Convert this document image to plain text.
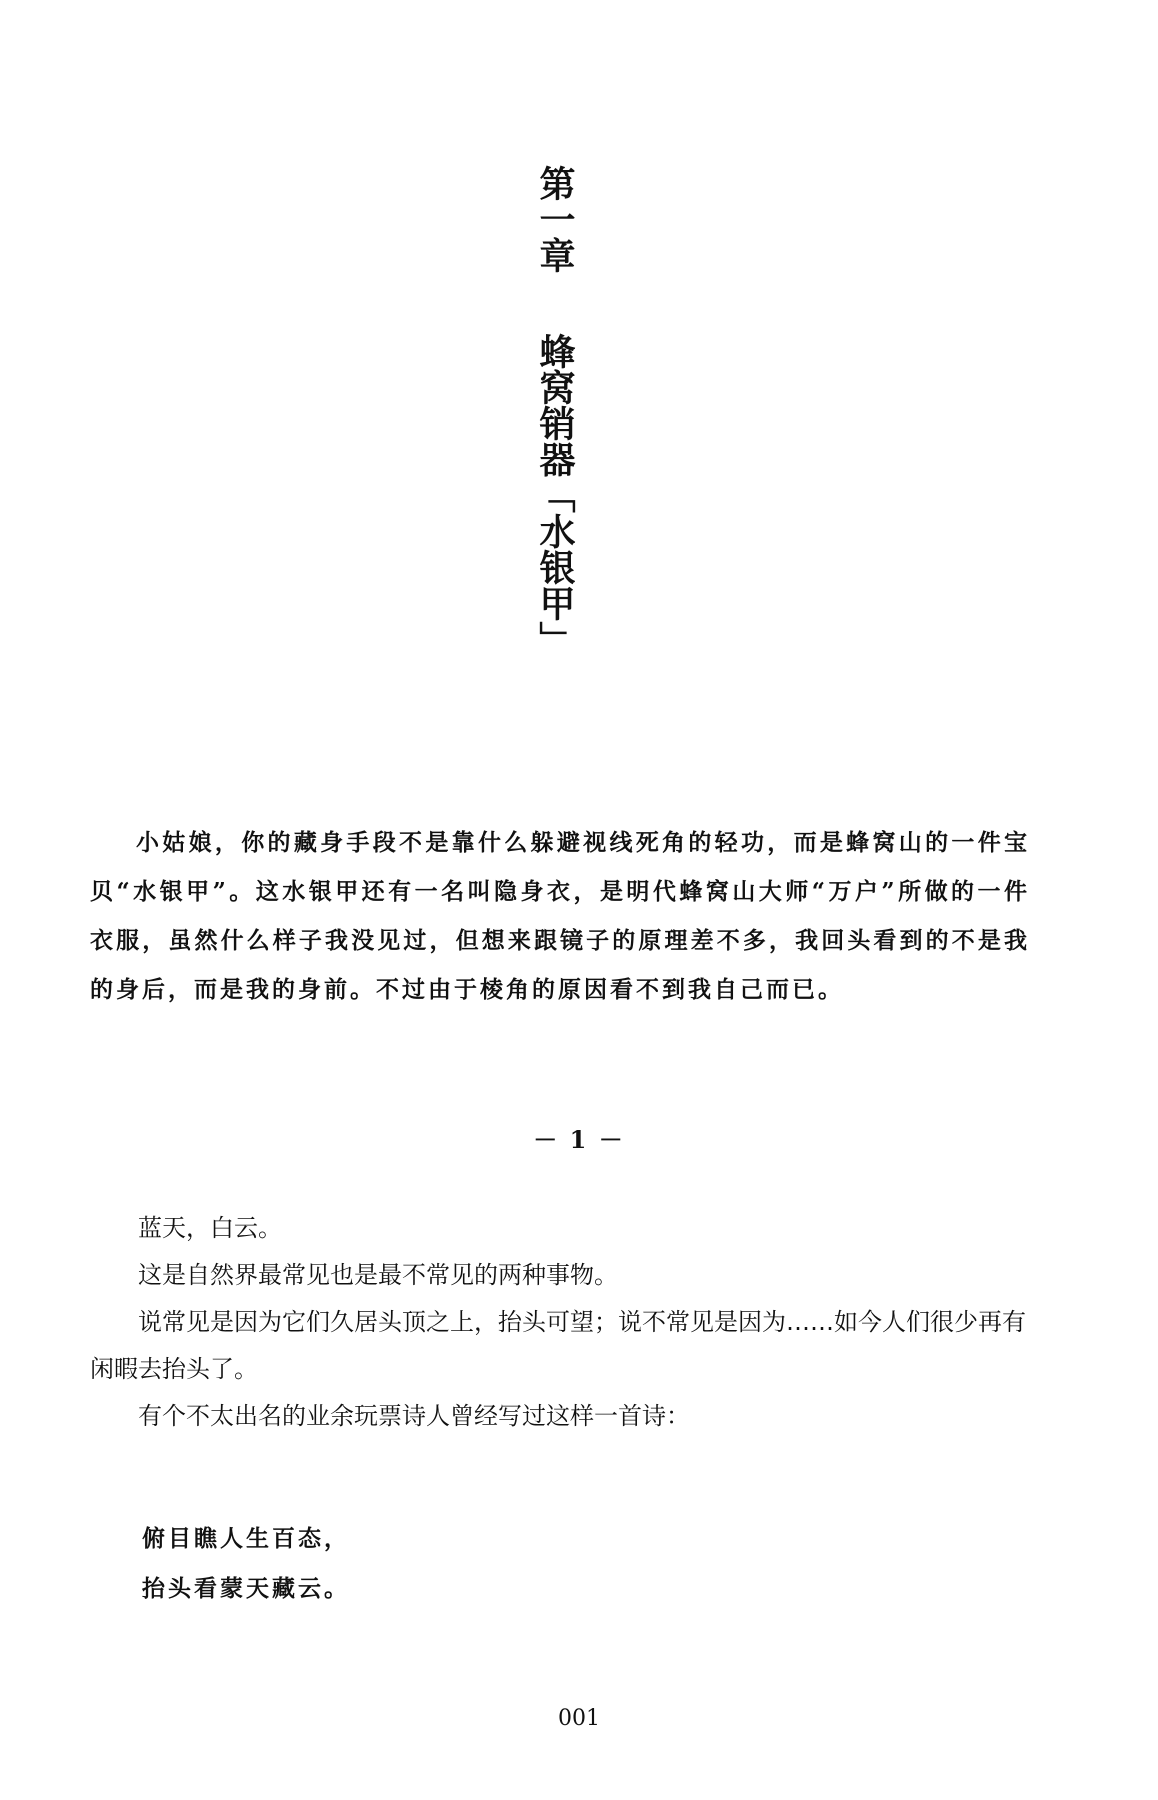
第一章蜂窝销器「水银甲」
小姑娘，你的藏身手段不是靠什么躲避视线死角的轻功，而是蜂窝山的一件宝贝“水银甲”。这水银甲还有一名叫隐身衣，是明代蜂窝山大师“万户”所做的一件衣服，虽然什么样子我没见过，但想来跟镜子的原理差不多，我回头看到的不是我的身后，而是我的身前。不过由于棱角的原因看不到我自己而已。
－ 1 －

蓝天，白云。

这是自然界最常见也是最不常见的两种事物。

说常见是因为它们久居头顶之上，抬头可望；说不常见是因为……如今人们很少再有闲暇去抬头了。

有个不太出名的业余玩票诗人曾经写过这样一首诗：

俯目瞧人生百态，
抬头看蒙天藏云。
001
